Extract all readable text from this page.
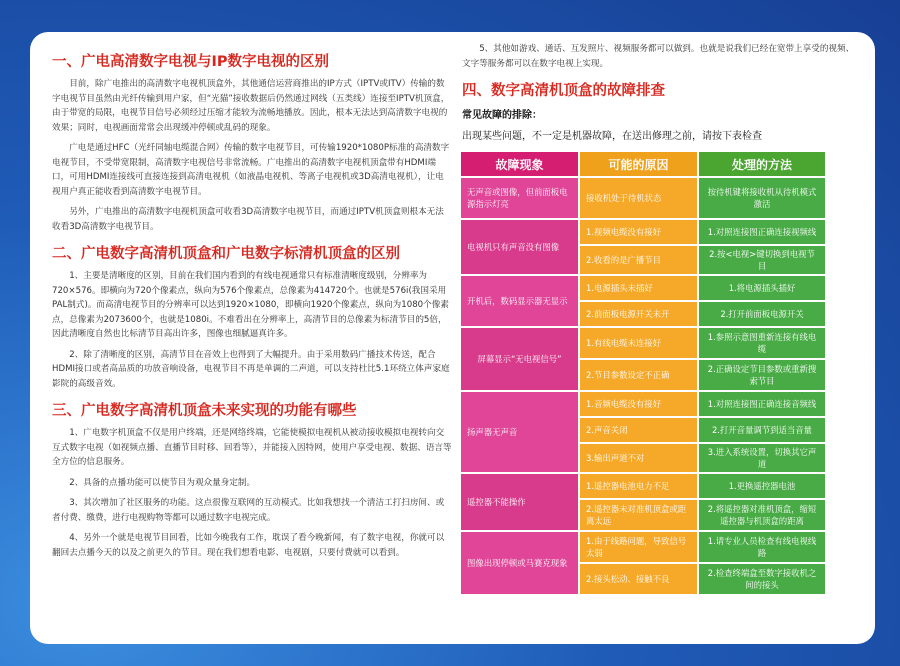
一、广电高清数字电视与IP数字电视的区别

目前，除广电推出的高清数字电视机顶盒外，其他通信运营商推出的IP方式（IPTV或ITV）传输的数字电视节目虽然由光纤传输到用户家，但“光猫”接收数据后仍然通过网线（五类线）连接至IPTV机顶盒，由于带宽的局限，电视节目信号必须经过压缩才能较为流畅地播放。因此，根本无法达到高清数字电视的效果；同时，电视画面常常会出现缓冲停顿或乱码的现象。

广电是通过HFC（光纤同轴电缆混合网）传输的数字电视节目，可传输1920*1080P标准的高清数字电视节目，不受带宽限制，高清数字电视信号非常流畅。广电推出的高清数字电视机顶盒带有HDMI端口，可用HDMI连接线可直接连接到高清电视机（如液晶电视机、等离子电视机或3D高清电视机），让电视用户真正能收看到高清数字电视节目。

另外，广电推出的高清数字电视机顶盒可收看3D高清数字电视节目，而通过IPTV机顶盒则根本无法收看3D高清数字电视节目。

二、广电数字高清机顶盒和广电数字标清机顶盒的区别

1、主要是清晰度的区别，目前在我们国内看到的有线电视通常只有标准清晰度级别，分辨率为720×576。即横向为720个像素点，纵向为576个像素点，总像素为414720个。也就是576i(我国采用PAL制式)。而高清电视节目的分辨率可以达到1920×1080，即横向1920个像素点，纵向为1080个像素点，总像素为2073600个，也就是1080i。不难看出在分辨率上，高清节目的总像素为标清节目的5倍，因此清晰度自然也比标清节目高出许多，图像也细腻逼真许多。

2、除了清晰度的区别，高清节目在音效上也得到了大幅提升。由于采用数码广播技术传送，配合HDMI接口或者高品质的功放音响设备，电视节目不再是单调的二声道，可以支持杜比5.1环绕立体声家庭影院的高级音效。

三、广电数字高清机顶盒未来实现的功能有哪些

1、广电数字机顶盒不仅是用户终端，还是网络终端，它能使模拟电视机从被动接收模拟电视转向交互式数字电视（如视频点播、直播节目时移、回看等），并能接入因特网，使用户享受电视、数据、语言等全方位的信息服务。

2、具备的点播功能可以使节目为观众量身定制。

3、其次增加了社区服务的功能。这点很像互联网的互动模式。比如我想找一个清洁工打扫房间、或者付费、缴费，进行电视购物等都可以通过数字电视完成。

4、另外一个就是电视节目回看，比如今晚我有工作，耽误了看今晚新闻，有了数字电视，你就可以翻回去点播今天的以及之前更久的节目。现在我们想看电影、电视剧，只要付费就可以看到。

5、其他如游戏、通话、互发照片、视频服务都可以做到。也就是说我们已经在宽带上享受的视频、文字等服务都可以在数字电视上实现。

四、数字高清机顶盒的故障排查
常见故障的排除：
出现某些问题，不一定是机器故障，在送出修理之前，请按下表检查
故障现象	可能的原因	处理的方法
无声音或图像，但前面板电源指示灯亮	接收机处于待机状态	按待机键将接收机从待机模式激活
电视机只有声音没有图像	1.视频电缆没有接好	1.对照连接图正确连接视频线
	2.收看的是广播节目	2.按<电视>键切换到电视节目
开机后，数码显示器无显示	1.电源插头未插好	1.将电源插头插好
	2.前面板电源开关未开	2.打开前面板电源开关
屏幕显示“无电视信号”	1.有线电缆未连接好	1.参照示意图重新连接有线电缆
	2.节目参数设定不正确	2.正确设定节目参数或重新搜索节目
扬声器无声音	1.音频电缆没有接好	1.对照连接图正确连接音频线
	2.声音关闭	2.打开音量调节到适当音量
	3.输出声道不对	3.进入系统设置，切换其它声道
遥控器不能操作	1.遥控器电池电力不足	1.更换遥控器电池
	2.遥控器未对准机顶盒或距离太远	2.将遥控器对准机顶盒，缩短遥控器与机顶盒的距离
图像出现停顿或马赛克现象	1.由于线路问题，导致信号太弱	1.请专业人员检查有线电视线路
	2.接头松动、接触不良	2.检查终端盒至数字接收机之间的接头
